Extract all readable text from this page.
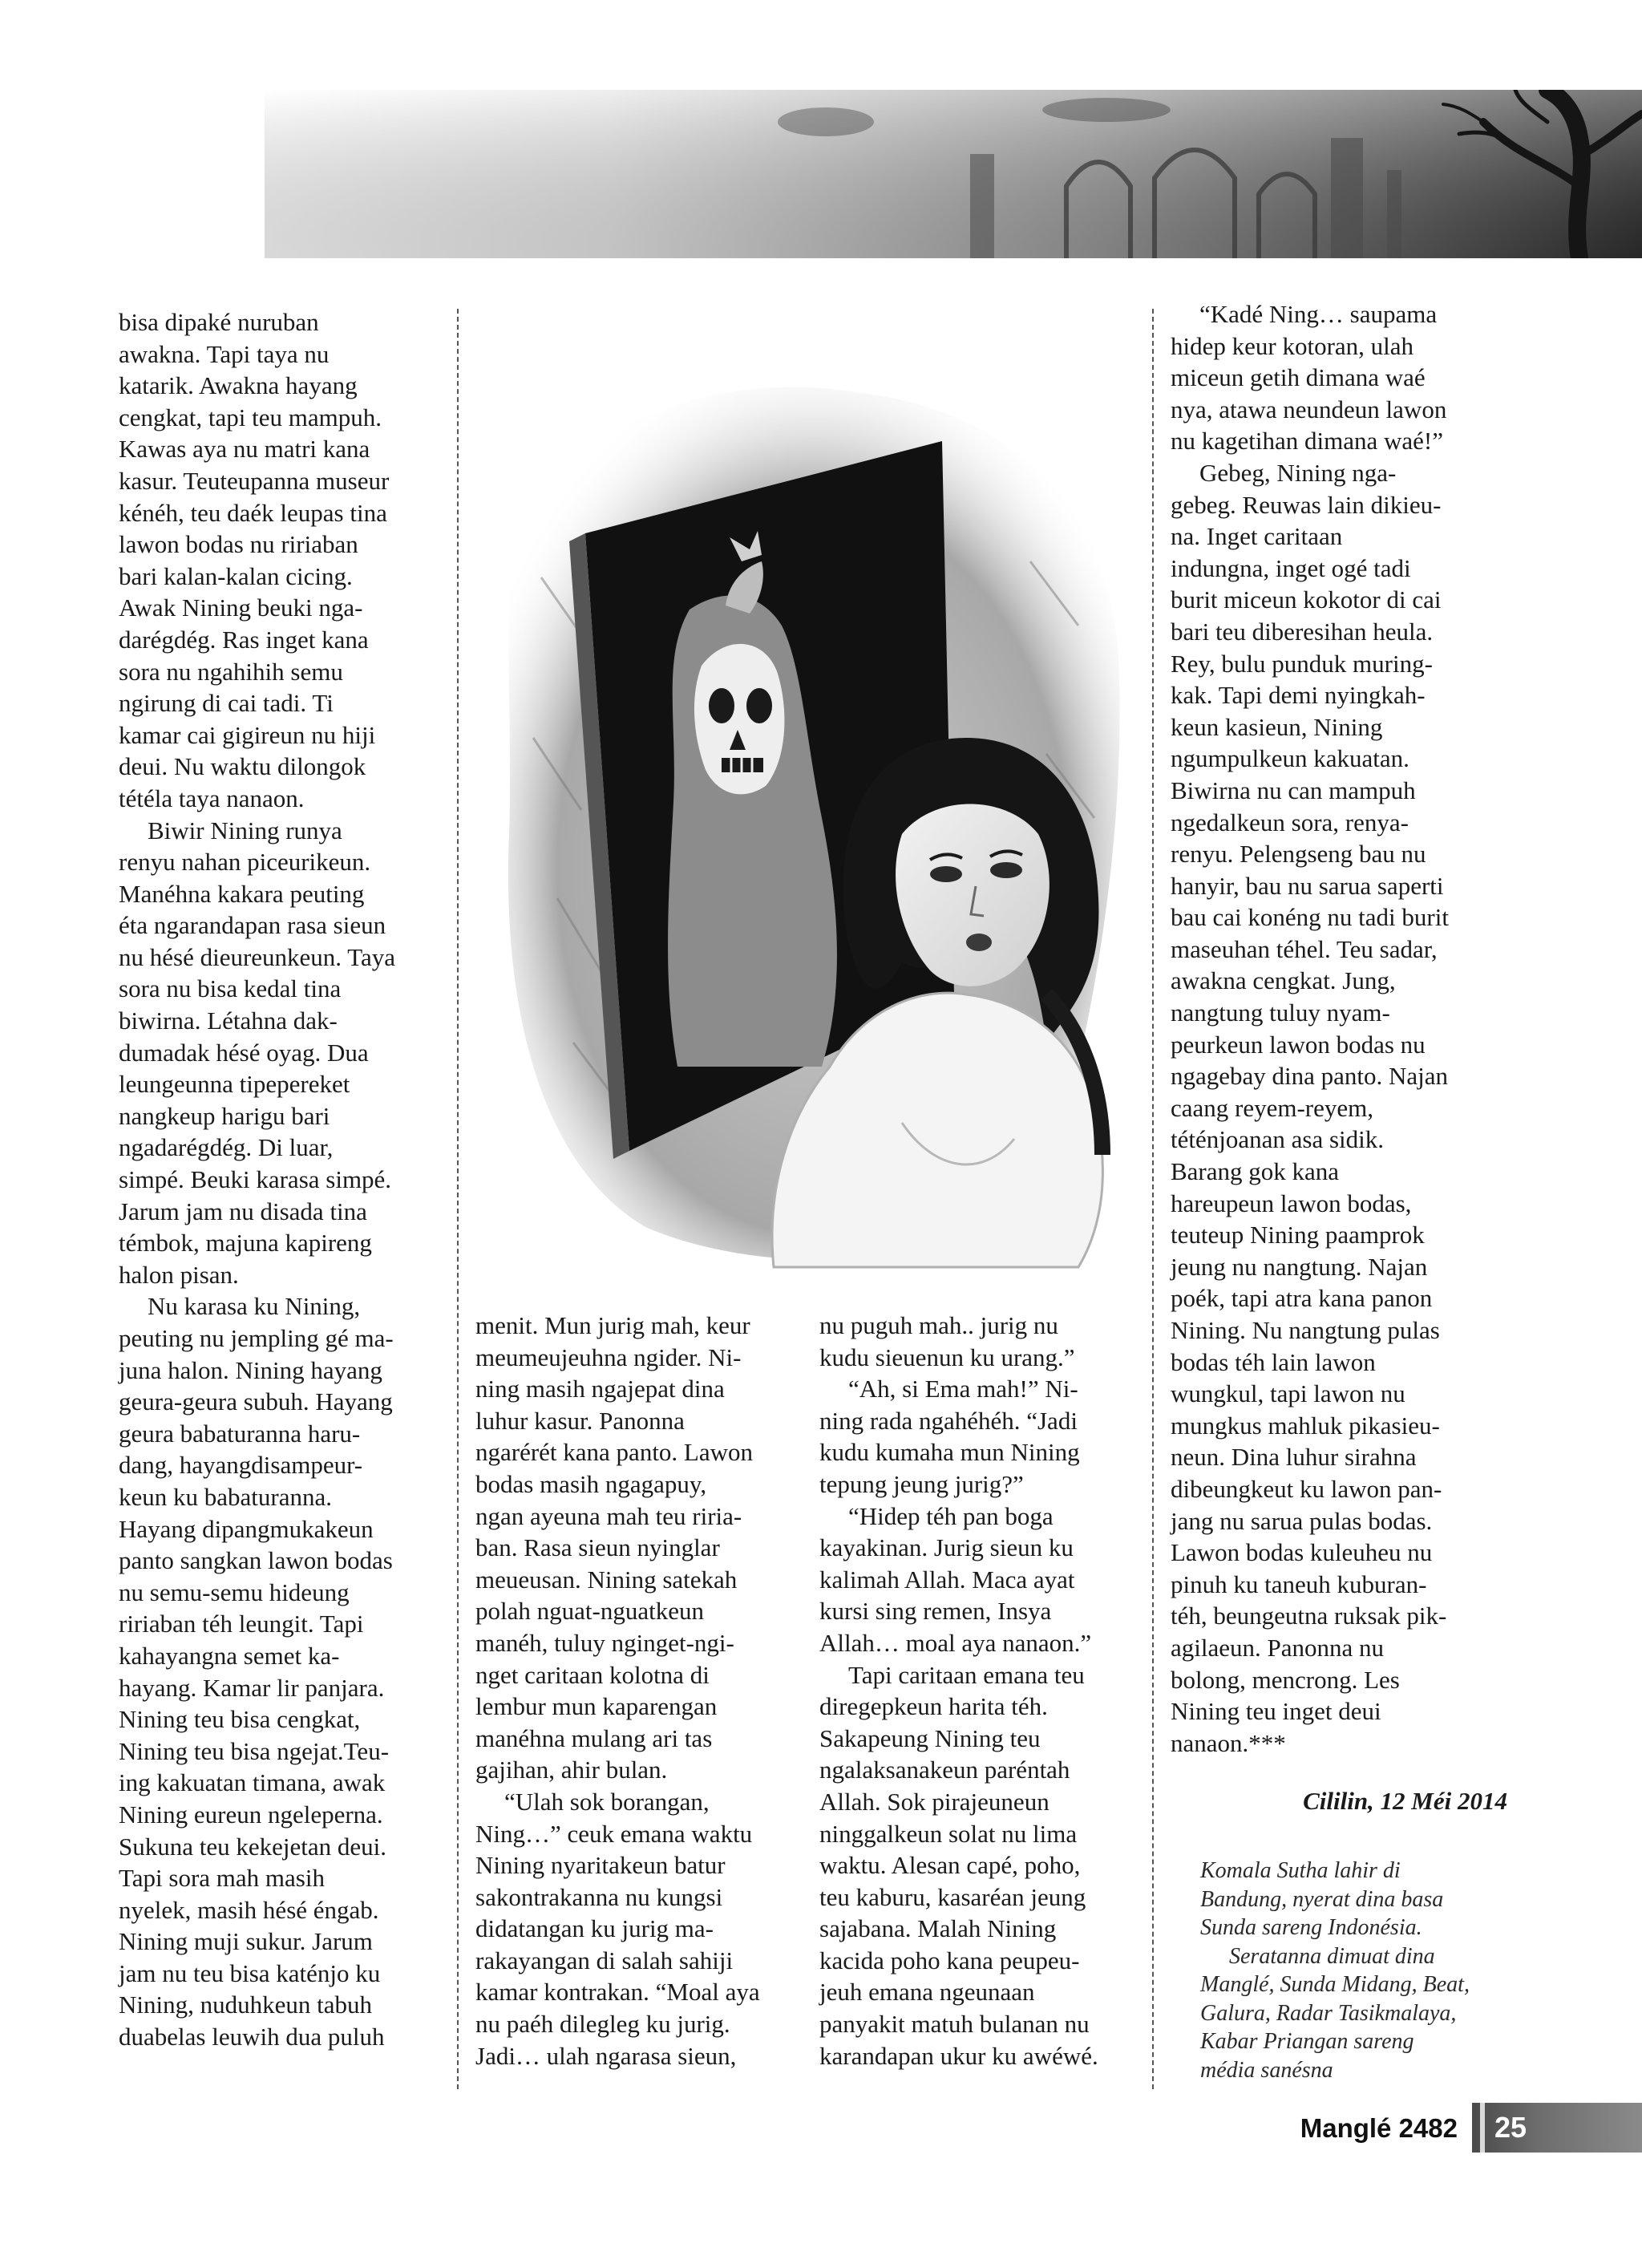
bisa dipaké nuruban
awakna. Tapi taya nu
katarik. Awakna hayang
cengkat, tapi teu mampuh.
Kawas aya nu matri kana
kasur. Teuteupanna museur
kénéh, teu daék leupas tina
lawon bodas nu ririaban
bari kalan-kalan cicing.
Awak Nining beuki nga-
darégdég. Ras inget kana
sora nu ngahihih semu
ngirung di cai tadi. Ti
kamar cai gigireun nu hiji
deui. Nu waktu dilongok
tétéla taya nanaon.

Biwir Nining runya
renyu nahan piceurikeun.
Manéhna kakara peuting
éta ngarandapan rasa sieun
nu hésé dieureunkeun. Taya
sora nu bisa kedal tina
biwirna. Létahna dak-
dumadak hésé oyag. Dua
leungeunna tipepereket
nangkeup harigu bari
ngadarégdég. Di luar,
simpé. Beuki karasa simpé.
Jarum jam nu disada tina
témbok, majuna kapireng
halon pisan.

Nu karasa ku Nining,
peuting nu jempling gé ma-
juna halon. Nining hayang
geura-geura subuh. Hayang
geura babaturanna haru-
dang, hayangdisampeur-
keun ku babaturanna.
Hayang dipangmukakeun
panto sangkan lawon bodas
nu semu-semu hideung
ririaban téh leungit. Tapi
kahayangna semet ka-
hayang. Kamar lir panjara.
Nining teu bisa cengkat,
Nining teu bisa ngejat.Teu-
ing kakuatan timana, awak
Nining eureun ngeleperna.
Sukuna teu kekejetan deui.
Tapi sora mah masih
nyelek, masih hésé éngab.
Nining muji sukur. Jarum
jam nu teu bisa katénjo ku
Nining, nuduhkeun tabuh
duabelas leuwih dua puluh

menit. Mun jurig mah, keur
meumeujeuhna ngider. Ni-
ning masih ngajepat dina
luhur kasur. Panonna
ngarérét kana panto. Lawon
bodas masih ngagapuy,
ngan ayeuna mah teu riria-
ban. Rasa sieun nyinglar
meueusan. Nining satekah
polah nguat-nguatkeun
manéh, tuluy nginget-ngi-
nget caritaan kolotna di
lembur mun kaparengan
manéhna mulang ari tas
gajihan, ahir bulan.

“Ulah sok borangan,
Ning…” ceuk emana waktu
Nining nyaritakeun batur
sakontrakanna nu kungsi
didatangan ku jurig ma-
rakayangan di salah sahiji
kamar kontrakan. “Moal aya
nu paéh dilegleg ku jurig.
Jadi… ulah ngarasa sieun,

nu puguh mah.. jurig nu
kudu sieuenun ku urang.”

“Ah, si Ema mah!” Ni-
ning rada ngahéhéh. “Jadi
kudu kumaha mun Nining
tepung jeung jurig?”

“Hidep téh pan boga
kayakinan. Jurig sieun ku
kalimah Allah. Maca ayat
kursi sing remen, Insya
Allah… moal aya nanaon.”

Tapi caritaan emana teu
diregepkeun harita téh.
Sakapeung Nining teu
ngalaksanakeun paréntah
Allah. Sok pirajeuneun
ninggalkeun solat nu lima
waktu. Alesan capé, poho,
teu kaburu, kasaréan jeung
sajabana. Malah Nining
kacida poho kana peupeu-
jeuh emana ngeunaan
panyakit matuh bulanan nu
karandapan ukur ku awéwé.

“Kadé Ning… saupama
hidep keur kotoran, ulah
miceun getih dimana waé
nya, atawa neundeun lawon
nu kagetihan dimana waé!”

Gebeg, Nining nga-
gebeg. Reuwas lain dikieu-
na. Inget caritaan
indungna, inget ogé tadi
burit miceun kokotor di cai
bari teu diberesihan heula.
Rey, bulu punduk muring-
kak. Tapi demi nyingkah-
keun kasieun, Nining
ngumpulkeun kakuatan.
Biwirna nu can mampuh
ngedalkeun sora, renya-
renyu. Pelengseng bau nu
hanyir, bau nu sarua saperti
bau cai konéng nu tadi burit
maseuhan téhel. Teu sadar,
awakna cengkat. Jung,
nangtung tuluy nyam-
peurkeun lawon bodas nu
ngagebay dina panto. Najan
caang reyem-reyem,
téténjoanan asa sidik.
Barang gok kana
hareupeun lawon bodas,
teuteup Nining paamprok
jeung nu nangtung. Najan
poék, tapi atra kana panon
Nining. Nu nangtung pulas
bodas téh lain lawon
wungkul, tapi lawon nu
mungkus mahluk pikasieu-
neun. Dina luhur sirahna
dibeungkeut ku lawon pan-
jang nu sarua pulas bodas.
Lawon bodas kuleuheu nu
pinuh ku taneuh kuburan-
téh, beungeutna ruksak pik-
agilaeun. Panonna nu
bolong, mencrong. Les
Nining teu inget deui
nanaon.***

Cililin, 12 Méi 2014

Komala Sutha lahir di
Bandung, nyerat dina basa
Sunda sareng Indonésia.

Seratanna dimuat dina
Manglé, Sunda Midang, Beat,
Galura, Radar Tasikmalaya,
Kabar Priangan sareng
média sanésna

Manglé 2482 25
